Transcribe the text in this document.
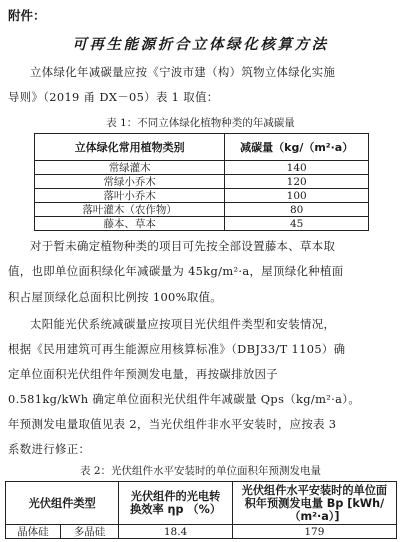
附件：
可再生能源折合立体绿化核算方法
立体绿化年减碳量应按《宁波市建（构）筑物立体绿化实施
导则》（2019 甬 DX－05）表 1 取值：
表 1：不同立体绿化植物种类的年减碳量
立体绿化常用植物类别	减碳量（kg/（m²·a）
常绿灌木	140
常绿小乔木	120
落叶小乔木	100
落叶灌木（农作物）	80
藤本、草本	45
对于暂未确定植物种类的项目可先按全部设置藤本、草本取
值，也即单位面积绿化年减碳量为 45kg/m²·a，屋顶绿化种植面
积占屋顶绿化总面积比例按 100%取值。
太阳能光伏系统减碳量应按项目光伏组件类型和安装情况，
根据《民用建筑可再生能源应用核算标准》（DBJ33/T 1105）确
定单位面积光伏组件年预测发电量，再按碳排放因子
0.581kg/kWh 确定单位面积光伏组件年减碳量 Qps（kg/m²·a）。
年预测发电量取值见表 2，当光伏组件非水平安装时，应按表 3
系数进行修正：
表 2：光伏组件水平安装时的单位面积年预测发电量
光伏组件类型		光伏组件的光电转换效率 ηp （%）	光伏组件水平安装时的单位面积年预测发电量 Bp [kWh/（m²·a）]
晶体硅	多晶硅	18.4	179
